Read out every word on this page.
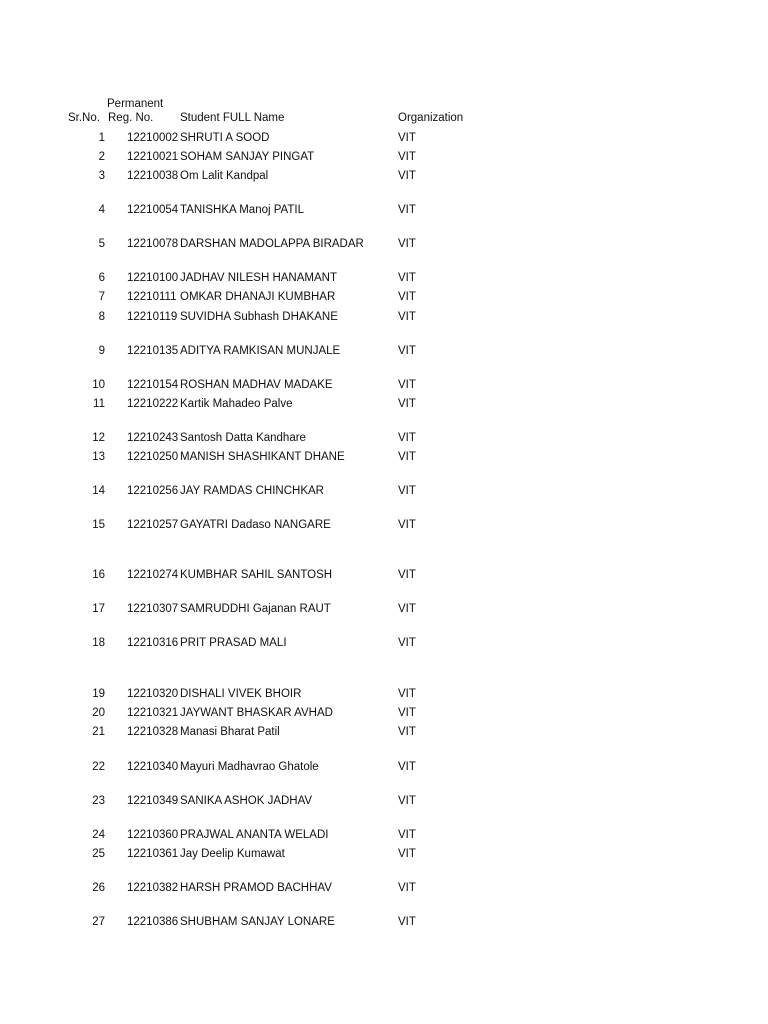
Permanent
Sr.No. Reg. No. Student FULL Name	Organization
1 12210002 SHRUTI A SOOD	VIT
2 12210021 SOHAM SANJAY PINGAT	VIT
3 12210038 Om Lalit Kandpal	VIT
4 12210054 TANISHKA Manoj PATIL	VIT
5 12210078 DARSHAN MADOLAPPA BIRADAR	VIT
6 12210100 JADHAV NILESH HANAMANT	VIT
7 12210111 OMKAR DHANAJI KUMBHAR	VIT
8 12210119 SUVIDHA Subhash DHAKANE	VIT
9 12210135 ADITYA RAMKISAN MUNJALE	VIT
10 12210154 ROSHAN MADHAV MADAKE	VIT
11 12210222 Kartik Mahadeo Palve	VIT
12 12210243 Santosh Datta Kandhare	VIT
13 12210250 MANISH SHASHIKANT DHANE	VIT
14 12210256 JAY RAMDAS CHINCHKAR	VIT
15 12210257 GAYATRI Dadaso NANGARE	VIT
16 12210274 KUMBHAR SAHIL SANTOSH	VIT
17 12210307 SAMRUDDHI Gajanan RAUT	VIT
18 12210316 PRIT PRASAD MALI	VIT
19 12210320 DISHALI VIVEK BHOIR	VIT
20 12210321 JAYWANT BHASKAR AVHAD	VIT
21 12210328 Manasi Bharat Patil	VIT
22 12210340 Mayuri Madhavrao Ghatole	VIT
23 12210349 SANIKA ASHOK JADHAV	VIT
24 12210360 PRAJWAL ANANTA WELADI	VIT
25 12210361 Jay Deelip Kumawat	VIT
26 12210382 HARSH PRAMOD BACHHAV	VIT
27 12210386 SHUBHAM SANJAY LONARE	VIT
